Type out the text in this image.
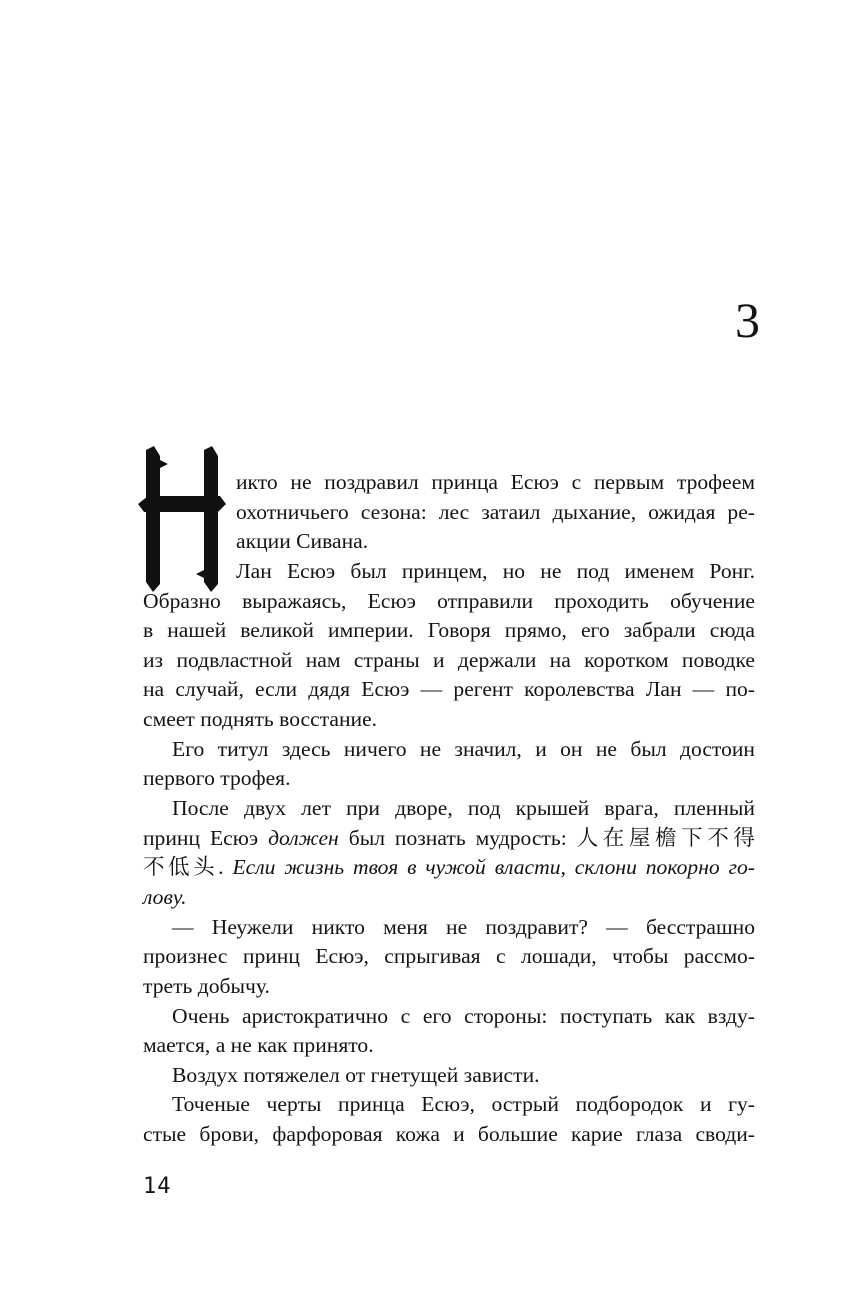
3
икто не поздравил принца Есюэ с первым трофеем
охотничьего сезона: лес затаил дыхание, ожидая ре-
акции Сивана.
Лан Есюэ был принцем, но не под именем Ронг.
Образно выражаясь, Есюэ отправили проходить обучение
в нашей великой империи. Говоря прямо, его забрали сюда
из подвластной нам страны и держали на коротком поводке
на случай, если дядя Есюэ — регент королевства Лан — по-
смеет поднять восстание.
Его титул здесь ничего не значил, и он не был достоин
первого трофея.
После двух лет при дворе, под крышей врага, пленный
принц Есюэ должен был познать мудрость: 人在屋檐下不得
不低头. Если жизнь твоя в чужой власти, склони покорно го-
лову.
— Неужели никто меня не поздравит? — бесстрашно
произнес принц Есюэ, спрыгивая с лошади, чтобы рассмо-
треть добычу.
Очень аристократично с его стороны: поступать как взду-
мается, а не как принято.
Воздух потяжелел от гнетущей зависти.
Точеные черты принца Есюэ, острый подбородок и гу-
стые брови, фарфоровая кожа и большие карие глаза своди-
14
